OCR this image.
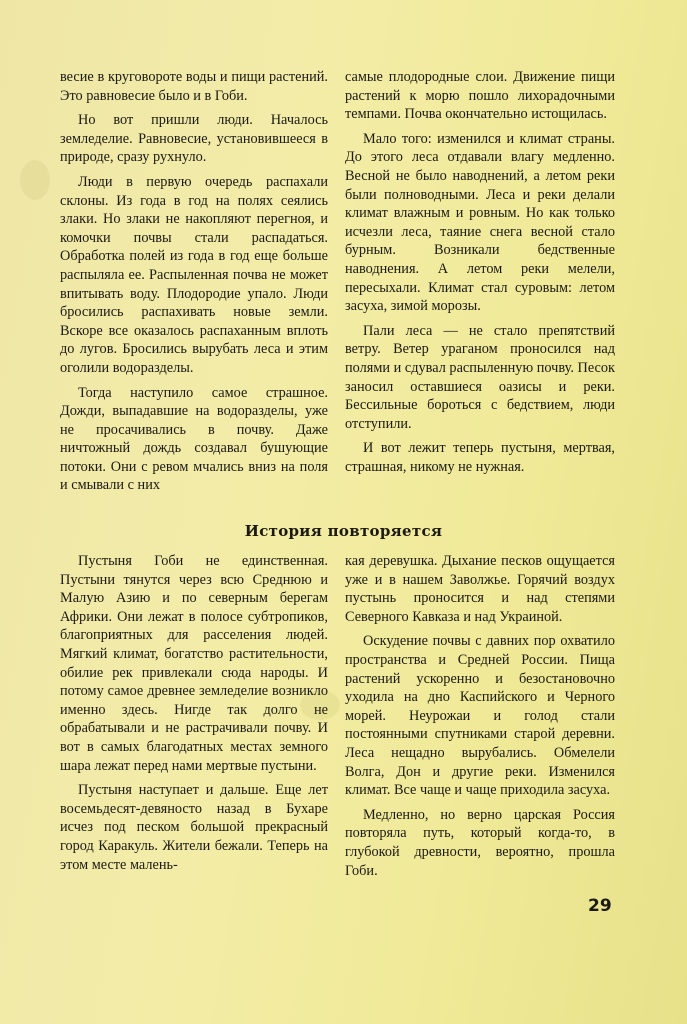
весие в круговороте воды и пищи растений. Это равновесие было и в Гоби.

Но вот пришли люди. Началось земледелие. Равновесие, установившееся в природе, сразу рухнуло.

Люди в первую очередь распахали склоны. Из года в год на полях сеялись злаки. Но злаки не накопляют перегноя, и комочки почвы стали распадаться. Обработка полей из года в год еще больше распыляла ее. Распыленная почва не может впитывать воду. Плодородие упало. Люди бросились распахивать новые земли. Вскоре все оказалось распаханным вплоть до лугов. Бросились вырубать леса и этим оголили водоразделы.

Тогда наступило самое страшное. Дожди, выпадавшие на водоразделы, уже не просачивались в почву. Даже ничтожный дождь создавал бушующие потоки. Они с ревом мчались вниз на поля и смывали с них

самые плодородные слои. Движение пищи растений к морю пошло лихорадочными темпами. Почва окончательно истощилась.

Мало того: изменился и климат страны. До этого леса отдавали влагу медленно. Весной не было наводнений, а летом реки были полноводными. Леса и реки делали климат влажным и ровным. Но как только исчезли леса, таяние снега весной стало бурным. Возникали бедственные наводнения. А летом реки мелели, пересыхали. Климат стал суровым: летом засуха, зимой морозы.

Пали леса — не стало препятствий ветру. Ветер ураганом проносился над полями и сдувал распыленную почву. Песок заносил оставшиеся оазисы и реки. Бессильные бороться с бедствием, люди отступили.

И вот лежит теперь пустыня, мертвая, страшная, никому не нужная.

История повторяется

Пустыня Гоби не единственная. Пустыни тянутся через всю Среднюю и Малую Азию и по северным берегам Африки. Они лежат в полосе субтропиков, благоприятных для расселения людей. Мягкий климат, богатство растительности, обилие рек привлекали сюда народы. И потому самое древнее земледелие возникло именно здесь. Нигде так долго не обрабатывали и не растрачивали почву. И вот в самых благодатных местах земного шара лежат перед нами мертвые пустыни.

Пустыня наступает и дальше. Еще лет восемьдесят-девяносто назад в Бухаре исчез под песком большой прекрасный город Каракуль. Жители бежали. Теперь на этом месте малень-

кая деревушка. Дыхание песков ощущается уже и в нашем Заволжье. Горячий воздух пустынь проносится и над степями Северного Кавказа и над Украиной.

Оскудение почвы с давних пор охватило пространства и Средней России. Пища растений ускоренно и безостановочно уходила на дно Каспийского и Черного морей. Неурожаи и голод стали постоянными спутниками старой деревни. Леса нещадно вырубались. Обмелели Волга, Дон и другие реки. Изменился климат. Все чаще и чаще приходила засуха.

Медленно, но верно царская Россия повторяла путь, который когда-то, в глубокой древности, вероятно, прошла Гоби.

29
